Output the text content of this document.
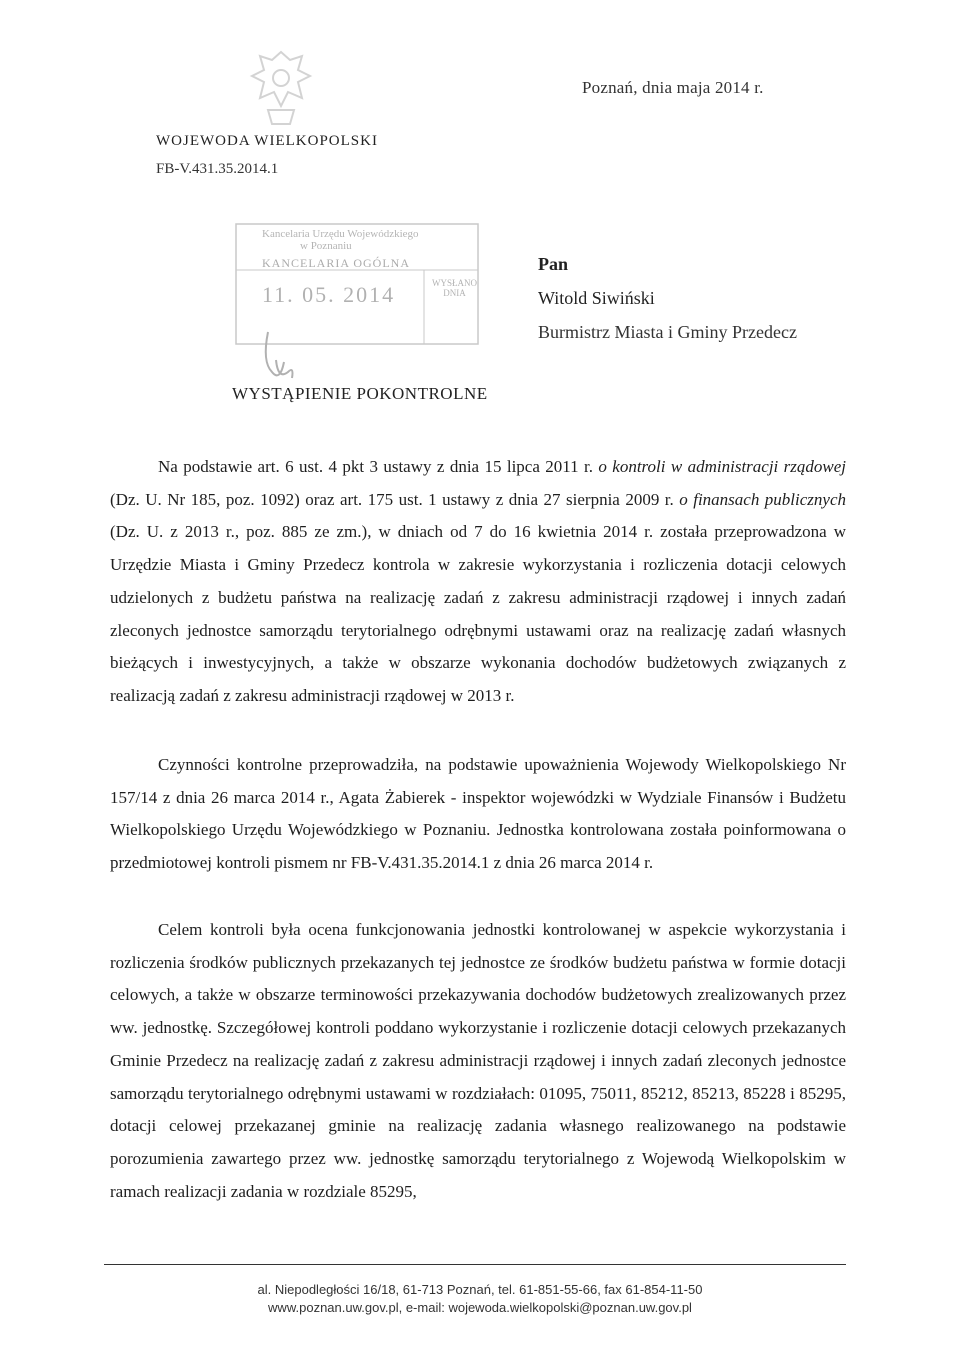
Poznań, dnia maja 2014 r.
WOJEWODA WIELKOPOLSKI
FB-V.431.35.2014.1
Kancelaria Urzędu Wojewódzkiego
w Poznaniu
KANCELARIA OGÓLNA
11. 05. 2014	WYSŁANO
DNIA
Pan
Witold Siwiński
Burmistrz Miasta i Gminy Przedecz
WYSTĄPIENIE POKONTROLNE
Na podstawie art. 6 ust. 4 pkt 3 ustawy z dnia 15 lipca 2011 r. o kontroli w administracji rządowej (Dz. U. Nr 185, poz. 1092) oraz art. 175 ust. 1 ustawy z dnia 27 sierpnia 2009 r. o finansach publicznych (Dz. U. z 2013 r., poz. 885 ze zm.), w dniach od 7 do 16 kwietnia 2014 r. została przeprowadzona w Urzędzie Miasta i Gminy Przedecz kontrola w zakresie wykorzystania i rozliczenia dotacji celowych udzielonych z budżetu państwa na realizację zadań z zakresu administracji rządowej i innych zadań zleconych jednostce samorządu terytorialnego odrębnymi ustawami oraz na realizację zadań własnych bieżących i inwestycyjnych, a także w obszarze wykonania dochodów budżetowych związanych z realizacją zadań z zakresu administracji rządowej w 2013 r.
Czynności kontrolne przeprowadziła, na podstawie upoważnienia Wojewody Wielkopolskiego Nr 157/14 z dnia 26 marca 2014 r., Agata Żabierek - inspektor wojewódzki w Wydziale Finansów i Budżetu Wielkopolskiego Urzędu Wojewódzkiego w Poznaniu. Jednostka kontrolowana została poinformowana o przedmiotowej kontroli pismem nr FB-V.431.35.2014.1 z dnia 26 marca 2014 r.
Celem kontroli była ocena funkcjonowania jednostki kontrolowanej w aspekcie wykorzystania i rozliczenia środków publicznych przekazanych tej jednostce ze środków budżetu państwa w formie dotacji celowych, a także w obszarze terminowości przekazywania dochodów budżetowych zrealizowanych przez ww. jednostkę. Szczegółowej kontroli poddano wykorzystanie i rozliczenie dotacji celowych przekazanych Gminie Przedecz na realizację zadań z zakresu administracji rządowej i innych zadań zleconych jednostce samorządu terytorialnego odrębnymi ustawami w rozdziałach: 01095, 75011, 85212, 85213, 85228 i 85295, dotacji celowej przekazanej gminie na realizację zadania własnego realizowanego na podstawie porozumienia zawartego przez ww. jednostkę samorządu terytorialnego z Wojewodą Wielkopolskim w ramach realizacji zadania w rozdziale 85295,
al. Niepodległości 16/18, 61-713 Poznań, tel. 61-851-55-66, fax 61-854-11-50
www.poznan.uw.gov.pl, e-mail: wojewoda.wielkopolski@poznan.uw.gov.pl
